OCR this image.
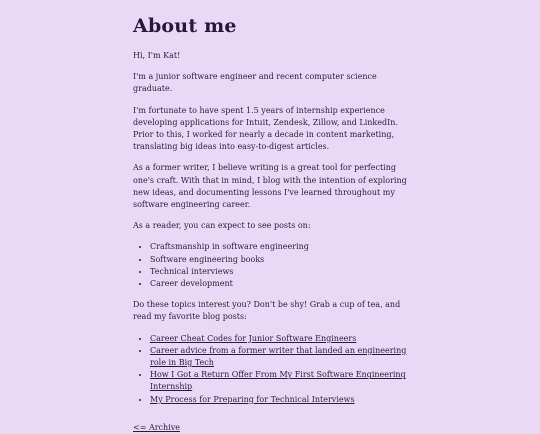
About me

Hi, I'm Kat!

I'm a junior software engineer and recent computer science graduate.

I'm fortunate to have spent 1.5 years of internship experience developing applications for Intuit, Zendesk, Zillow, and LinkedIn. Prior to this, I worked for nearly a decade in content marketing, translating big ideas into easy-to-digest articles.

As a former writer, I believe writing is a great tool for perfecting one's craft. With that in mind, I blog with the intention of exploring new ideas, and documenting lessons I've learned throughout my software engineering career.

As a reader, you can expect to see posts on:

• Craftsmanship in software engineering
• Software engineering books
• Technical interviews
• Career development

Do these topics interest you? Don't be shy! Grab a cup of tea, and read my favorite blog posts:

• Career Cheat Codes for Junior Software Engineers
• Career advice from a former writer that landed an engineering role in Big Tech
• How I Got a Return Offer From My First Software Engineering Internship
• My Process for Preparing for Technical Interviews
<= Archive
